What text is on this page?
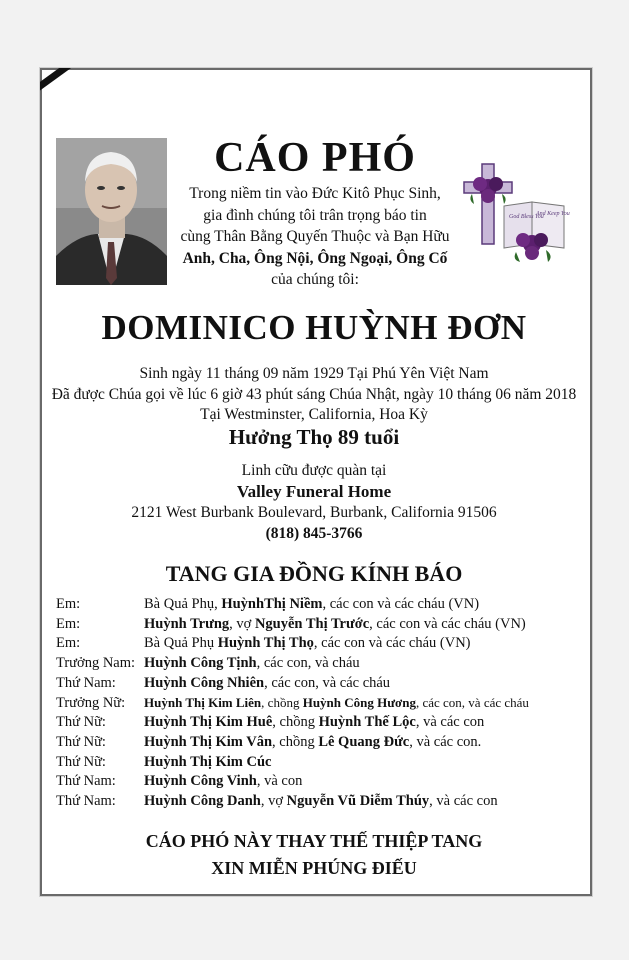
CÁO PHÓ
Trong niềm tin vào Đức Kitô Phục Sinh,
gia đình chúng tôi trân trọng báo tin
cùng Thân Bằng Quyến Thuộc và Bạn Hữu
Anh, Cha, Ông Nội, Ông Ngoại, Ông Cố
của chúng tôi:
God Bless You
And Keep You
DOMINICO HUỲNH ĐƠN
Sinh ngày 11 tháng 09 năm 1929 Tại Phú Yên Việt Nam
Đã được Chúa gọi về lúc 6 giờ 43 phút sáng Chúa Nhật, ngày 10 tháng 06 năm 2018
Tại Westminster, California, Hoa Kỳ
Hưởng Thọ 89 tuổi
Linh cữu được quàn tại
Valley Funeral Home
2121 West Burbank Boulevard, Burbank, California 91506
(818) 845-3766
TANG GIA ĐỒNG KÍNH BÁO
Em:	Bà Quả Phụ, HuỳnhThị Niềm, các con và các cháu (VN)
Em:	Huỳnh Trưng, vợ Nguyễn Thị Trước, các con và các cháu (VN)
Em:	Bà Quả Phụ Huỳnh Thị Thọ, các con và các cháu (VN)
Trưởng Nam: Huỳnh Công Tịnh, các con, và cháu
Thứ Nam: Huỳnh Công Nhiên, các con, và các cháu
Trưởng Nữ: Huỳnh Thị Kim Liên, chồng Huỳnh Công Hương, các con, và các cháu
Thứ Nữ:	Huỳnh Thị Kim Huê, chồng Huỳnh Thế Lộc, và các con
Thứ Nữ:	Huỳnh Thị Kim Vân, chồng Lê Quang Đức, và các con.
Thứ Nữ:	Huỳnh Thị Kim Cúc
Thứ Nam: Huỳnh Công Vinh, và con
Thứ Nam: Huỳnh Công Danh, vợ Nguyễn Vũ Diễm Thúy, và các con
CÁO PHÓ NÀY THAY THẾ THIỆP TANG
XIN MIỄN PHÚNG ĐIẾU
